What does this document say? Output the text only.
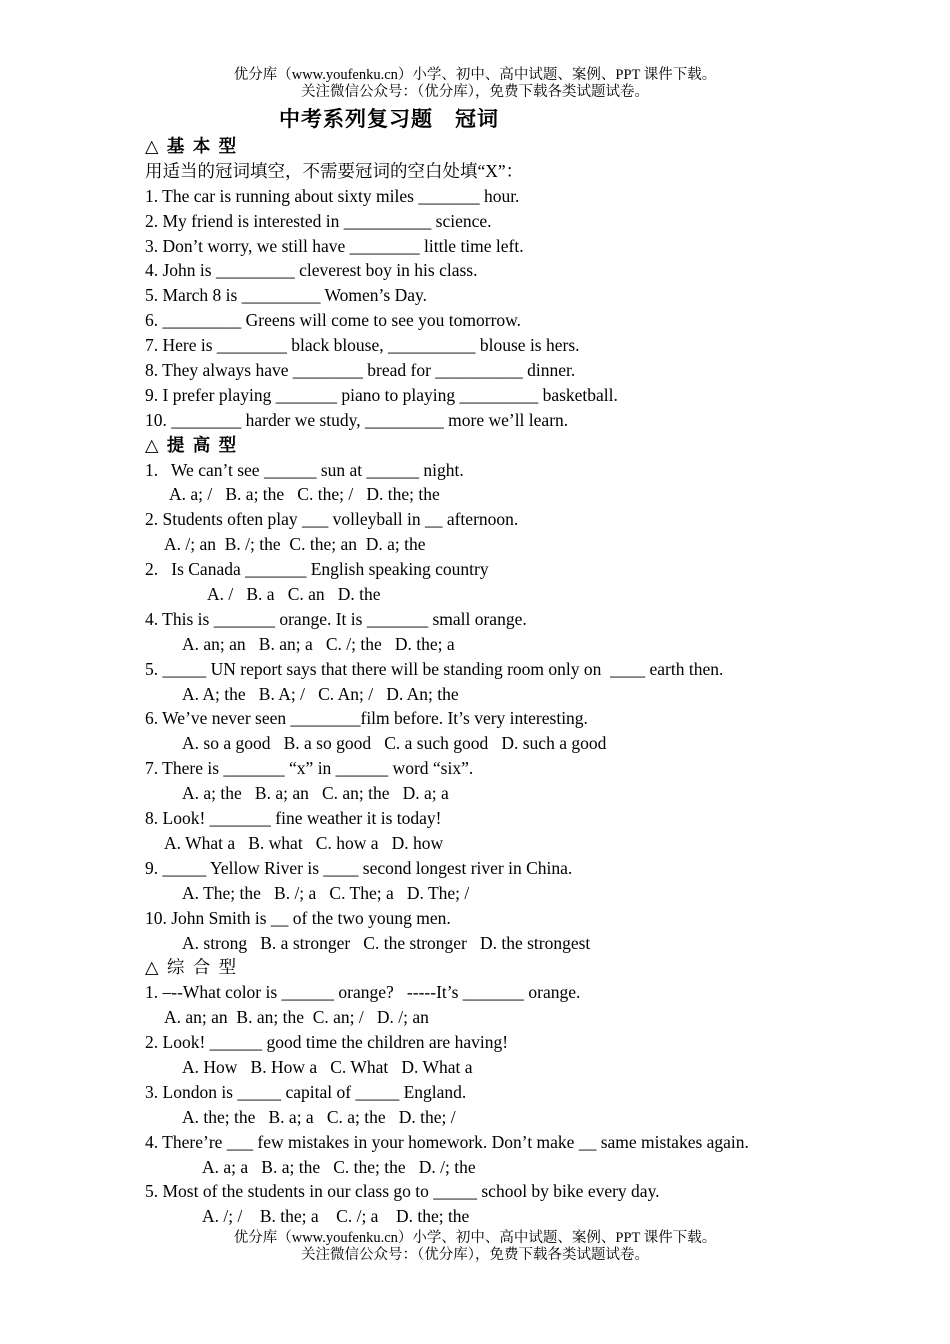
优分库（www.youfenku.cn）小学、初中、高中试题、案例、PPT 课件下载。
关注微信公众号：（优分库），免费下载各类试题试卷。
中考系列复习题　冠词
△ 基 本 型
用适当的冠词填空，不需要冠词的空白处填“X”：
1. The car is running about sixty miles _______ hour.
2. My friend is interested in __________ science.
3. Don’t worry, we still have ________ little time left.
4. John is _________ cleverest boy in his class.
5. March 8 is _________ Women’s Day.
6. _________ Greens will come to see you tomorrow.
7. Here is ________ black blouse, __________ blouse is hers.
8. They always have ________ bread for __________ dinner.
9. I prefer playing _______ piano to playing _________ basketball.
10. ________ harder we study, _________ more we’ll learn.
△ 提 高 型
1.   We can’t see ______ sun at ______ night.
A. a; /   B. a; the   C. the; /   D. the; the
2. Students often play ___ volleyball in __ afternoon.
A. /; an  B. /; the  C. the; an  D. a; the
2.   Is Canada _______ English speaking country
A. /   B. a   C. an   D. the
4. This is _______ orange. It is _______ small orange.
A. an; an   B. an; a   C. /; the   D. the; a
5. _____ UN report says that there will be standing room only on  ____ earth then.
A. A; the   B. A; /   C. An; /   D. An; the
6. We’ve never seen ________film before. It’s very interesting.
A. so a good   B. a so good   C. a such good   D. such a good
7. There is _______ “x” in ______ word “six”.
A. a; the   B. a; an   C. an; the   D. a; a
8. Look! _______ fine weather it is today!
A. What a   B. what   C. how a   D. how
9. _____ Yellow River is ____ second longest river in China.
A. The; the   B. /; a   C. The; a   D. The; /
10. John Smith is __ of the two young men.
A. strong   B. a stronger   C. the stronger   D. the strongest
△ 综 合 型
1. –--What color is ______ orange?   -----It’s _______ orange.
A. an; an  B. an; the  C. an; /   D. /; an
2. Look! ______ good time the children are having!
A. How   B. How a   C. What   D. What a
3. London is _____ capital of _____ England.
A. the; the   B. a; a   C. a; the   D. the; /
4. There’re ___ few mistakes in your homework. Don’t make __ same mistakes again.
A. a; a   B. a; the   C. the; the   D. /; the
5. Most of the students in our class go to _____ school by bike every day.
A. /; /    B. the; a    C. /; a    D. the; the
优分库（www.youfenku.cn）小学、初中、高中试题、案例、PPT 课件下载。
关注微信公众号：（优分库），免费下载各类试题试卷。
